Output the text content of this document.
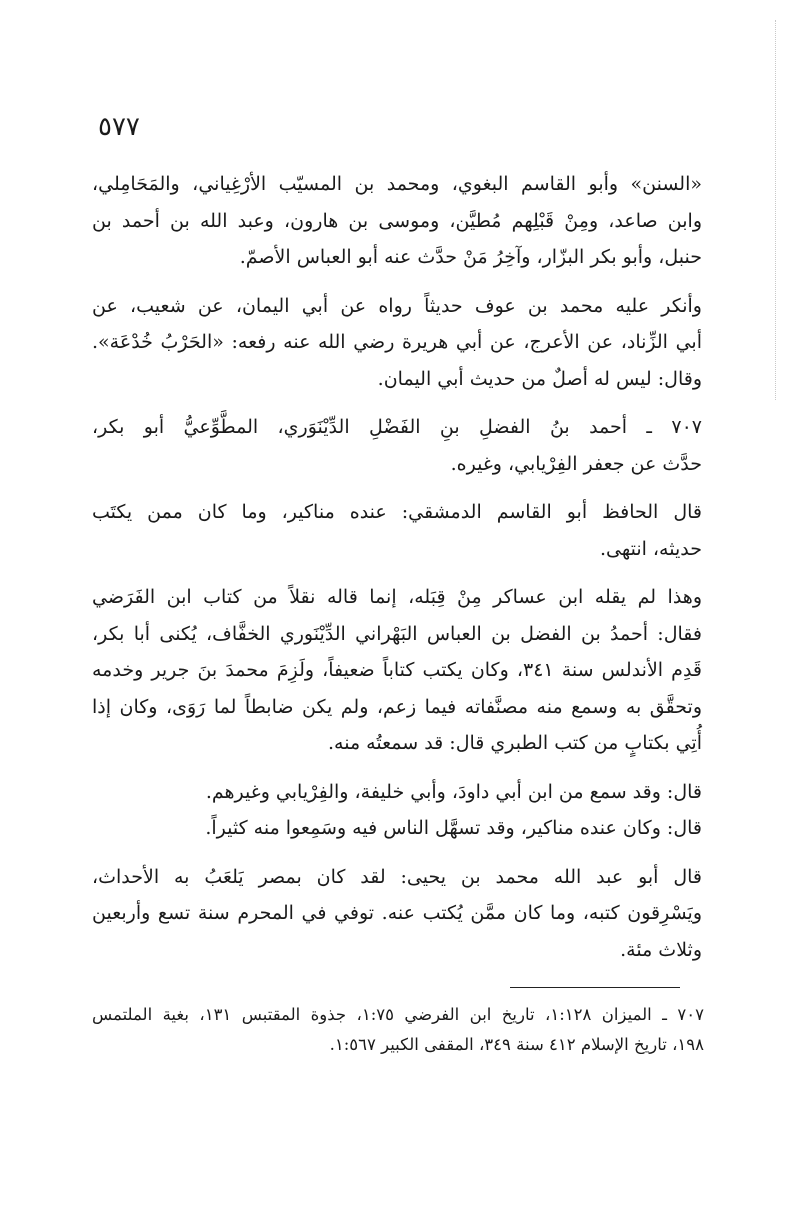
٥٧٧
«السنن» وأبو القاسم البغوي، ومحمد بن المسيّب الأرْغِياني، والمَحَامِلي،
وابن صاعد، ومِنْ قَبْلِهم مُطيَّن، وموسى بن هارون، وعبد الله بن أحمد بن
حنبل، وأبو بكر البزّار، وآخِرُ مَنْ حدَّث عنه أبو العباس الأصمّ.
وأنكر عليه محمد بن عوف حديثاً رواه عن أبي اليمان، عن شعيب، عن
أبي الزِّناد، عن الأعرج، عن أبي هريرة رضي الله عنه رفعه: «الحَرْبُ خُدْعَة».
وقال: ليس له أصلٌ من حديث أبي اليمان.
٧٠٧ ـ أحمد بنُ الفضلِ بنِ الفَضْلِ الدِّيْنَوَري، المطَّوِّعيُّ أبو بكر،
حدَّث عن جعفر الفِرْيابي، وغيره.
قال الحافظ أبو القاسم الدمشقي: عنده مناكير، وما كان ممن يكتَب
حديثه، انتهى.
وهذا لم يقله ابن عساكر مِنْ قِبَله، إنما قاله نقلاً من كتاب ابن الفَرَضي
فقال: أحمدُ بن الفضل بن العباس البَهْراني الدِّيْنَوري الخفَّاف، يُكنى أبا بكر،
قَدِم الأندلس سنة ٣٤١، وكان يكتب كتاباً ضعيفاً، ولَزِمَ محمدَ بنَ جرير وخدمه
وتحقَّق به وسمع منه مصنَّفاته فيما زعم، ولم يكن ضابطاً لما رَوَى، وكان إذا
أُتِي بكتابٍ من كتب الطبري قال: قد سمعتُه منه.
قال: وقد سمع من ابن أبي داودَ، وأبي خليفة، والفِرْيابي وغيرهم.
قال: وكان عنده مناكير، وقد تسهَّل الناس فيه وسَمِعوا منه كثيراً.
قال أبو عبد الله محمد بن يحيى: لقد كان بمصر يَلعَبُ به الأحداث،
ويَسْرِقون كتبه، وما كان ممَّن يُكتب عنه. توفي في المحرم سنة تسع وأربعين
وثلاث مئة.
٧٠٧ ـ الميزان ١:١٢٨، تاريخ ابن الفرضي ١:٧٥، جذوة المقتبس ١٣١، بغية الملتمس
١٩٨، تاريخ الإسلام ٤١٢ سنة ٣٤٩، المقفى الكبير ١:٥٦٧.
